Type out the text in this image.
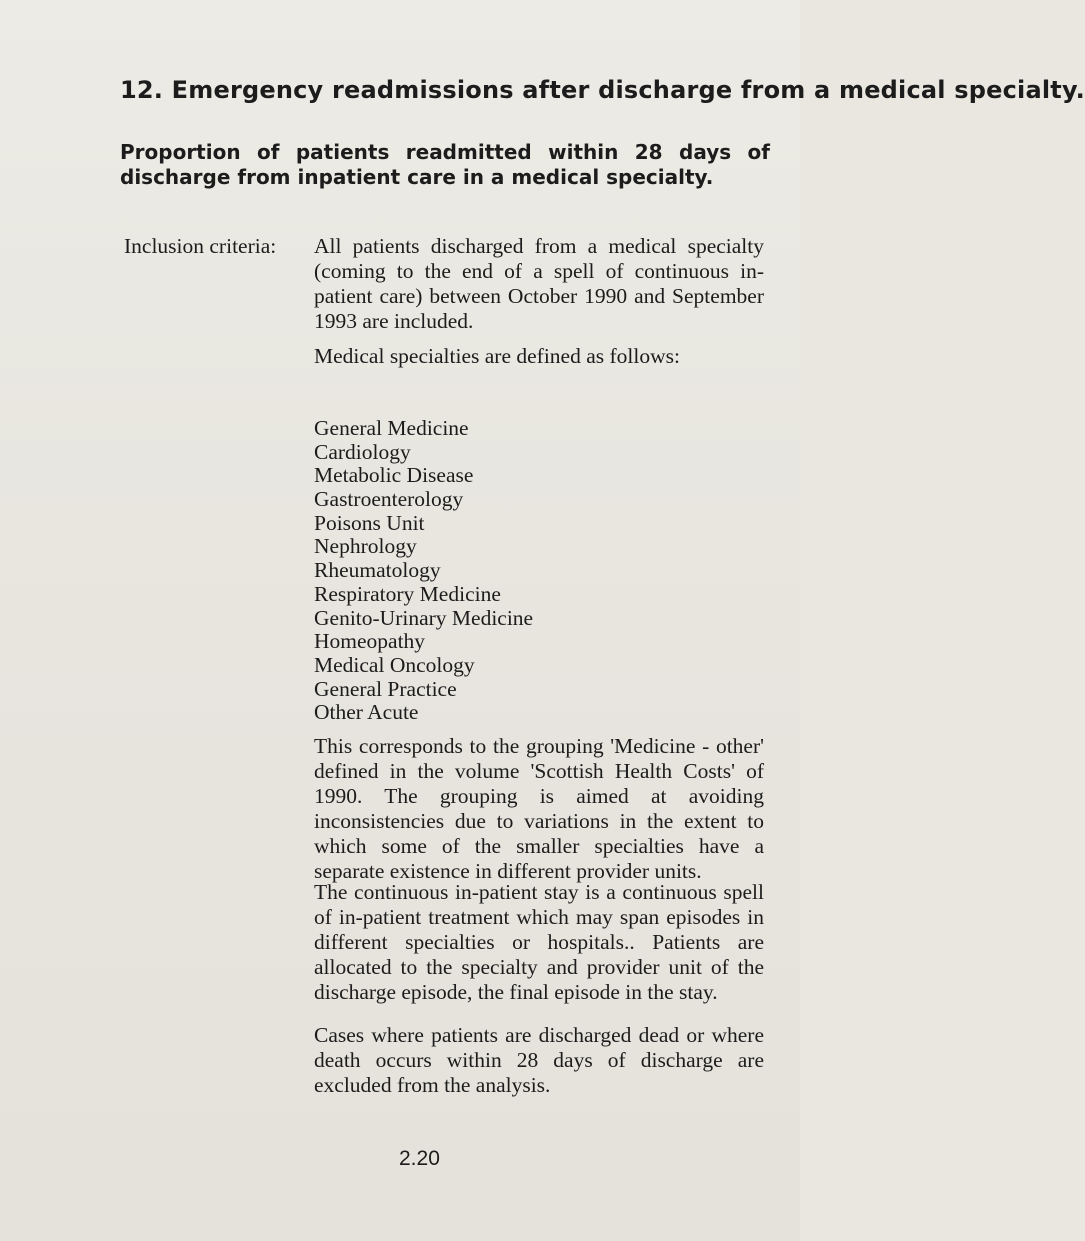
12. Emergency readmissions after discharge from a medical specialty.

Proportion of patients readmitted within 28 days of discharge from inpatient care in a medical specialty.

Inclusion criteria: All patients discharged from a medical specialty (coming to the end of a spell of continuous in-patient care) between October 1990 and September 1993 are included.

Medical specialties are defined as follows:

General Medicine
Cardiology
Metabolic Disease
Gastroenterology
Poisons Unit
Nephrology
Rheumatology
Respiratory Medicine
Genito-Urinary Medicine
Homeopathy
Medical Oncology
General Practice
Other Acute

This corresponds to the grouping 'Medicine - other' defined in the volume 'Scottish Health Costs' of 1990. The grouping is aimed at avoiding inconsistencies due to variations in the extent to which some of the smaller specialties have a separate existence in different provider units.

The continuous in-patient stay is a continuous spell of in-patient treatment which may span episodes in different specialties or hospitals.. Patients are allocated to the specialty and provider unit of the discharge episode, the final episode in the stay.

Cases where patients are discharged dead or where death occurs within 28 days of discharge are excluded from the analysis.

2.20
